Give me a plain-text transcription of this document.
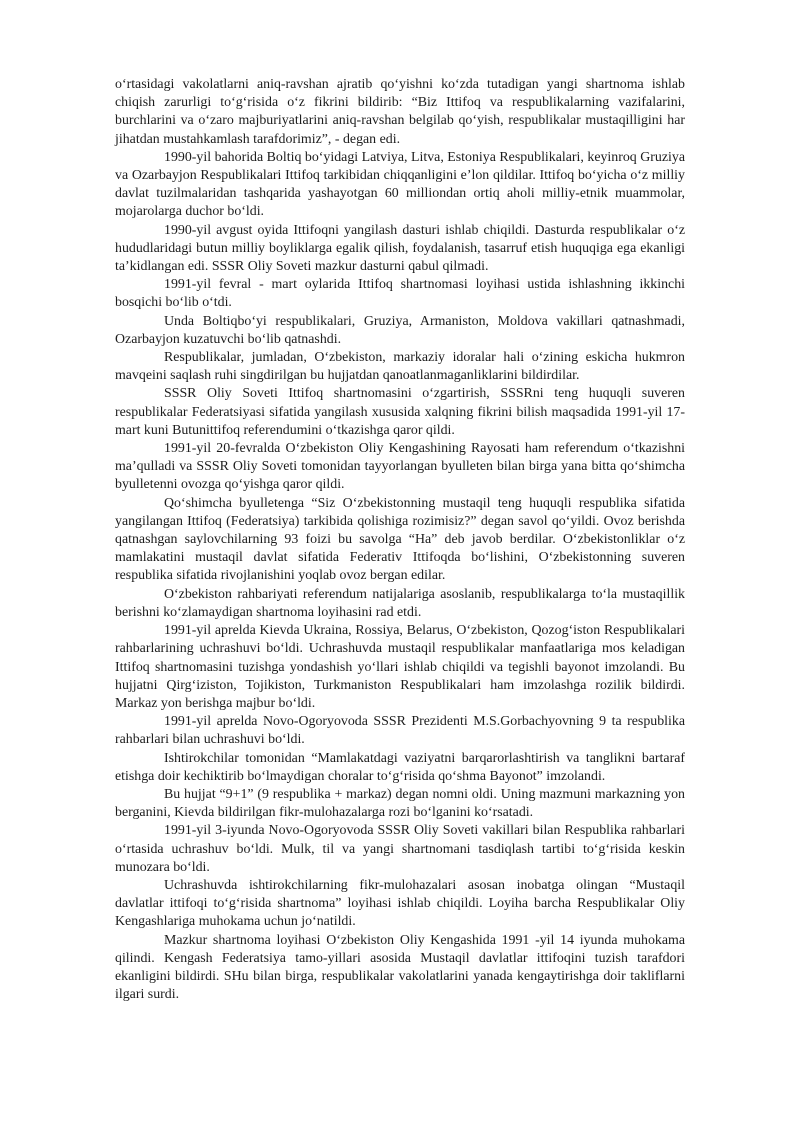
o‘rtasidagi vakolatlarni aniq-ravshan ajratib qo‘yishni ko‘zda tutadigan yangi shartnoma ishlab chiqish zarurligi to‘g‘risida o‘z fikrini bildirib: “Biz Ittifoq va respublikalarning vazifalarini, burchlarini va o‘zaro majburiyatlarini aniq-ravshan belgilab qo‘yish, respublikalar mustaqilligini har jihatdan mustahkamlash tarafdorimiz”, - degan edi.

1990-yil bahorida Boltiq bo‘yidagi Latviya, Litva, Estoniya Respublikalari, keyinroq Gruziya va Ozarbayjon Respublikalari Ittifoq tarkibidan chiqqanligini e’lon qildilar. Ittifoq bo‘yicha o‘z milliy davlat tuzilmalaridan tashqarida yashayotgan 60 milliondan ortiq aholi milliy-etnik muammolar, mojarolarga duchor bo‘ldi.

1990-yil avgust oyida Ittifoqni yangilash dasturi ishlab chiqildi. Dasturda respublikalar o‘z hududlaridagi butun milliy boyliklarga egalik qilish, foydalanish, tasarruf etish huquqiga ega ekanligi ta’kidlangan edi. SSSR Oliy Soveti mazkur dasturni qabul qilmadi.

1991-yil fevral - mart oylarida Ittifoq shartnomasi loyihasi ustida ishlashning ikkinchi bosqichi bo‘lib o‘tdi.

Unda Boltiqbo‘yi respublikalari, Gruziya, Armaniston, Moldova vakillari qatnashmadi, Ozarbayjon kuzatuvchi bo‘lib qatnashdi.

Respublikalar, jumladan, O‘zbekiston, markaziy idoralar hali o‘zining eskicha hukmron mavqeini saqlash ruhi singdirilgan bu hujjatdan qanoatlanmaganliklarini bildirdilar.

SSSR Oliy Soveti Ittifoq shartnomasini o‘zgartirish, SSSRni teng huquqli suveren respublikalar Federatsiyasi sifatida yangilash xususida xalqning fikrini bilish maqsadida 1991-yil 17-mart kuni Butunittifoq referendumini o‘tkazishga qaror qildi.

1991-yil 20-fevralda O‘zbekiston Oliy Kengashining Rayosati ham referendum o‘tkazishni ma’qulladi va SSSR Oliy Soveti tomonidan tayyorlangan byulleten bilan birga yana bitta qo‘shimcha byulletenni ovozga qo‘yishga qaror qildi.

Qo‘shimcha byulletenga “Siz O‘zbekistonning mustaqil teng huquqli respublika sifatida yangilangan Ittifoq (Federatsiya) tarkibida qolishiga rozimisiz?” degan savol qo‘yildi. Ovoz berishda qatnashgan saylovchilarning 93 foizi bu savolga “Ha” deb javob berdilar. O‘zbekistonliklar o‘z mamlakatini mustaqil davlat sifatida Federativ Ittifoqda bo‘lishini, O‘zbekistonning suveren respublika sifatida rivojlanishini yoqlab ovoz bergan edilar.

O‘zbekiston rahbariyati referendum natijalariga asoslanib, respublikalarga to‘la mustaqillik berishni ko‘zlamaydigan shartnoma loyihasini rad etdi.

1991-yil aprelda Kievda Ukraina, Rossiya, Belarus, O‘zbekiston, Qozog‘iston Respublikalari rahbarlarining uchrashuvi bo‘ldi. Uchrashuvda mustaqil respublikalar manfaatlariga mos keladigan Ittifoq shartnomasini tuzishga yondashish yo‘llari ishlab chiqildi va tegishli bayonot imzolandi. Bu hujjatni Qirg‘iziston, Tojikiston, Turkmaniston Respublikalari ham imzolashga rozilik bildirdi. Markaz yon berishga majbur bo‘ldi.

1991-yil aprelda Novo-Ogoryovoda SSSR Prezidenti M.S.Gorbachyovning 9 ta respublika rahbarlari bilan uchrashuvi bo‘ldi.

Ishtirokchilar tomonidan “Mamlakatdagi vaziyatni barqarorlashtirish va tanglikni bartaraf etishga doir kechiktirib bo‘lmaydigan choralar to‘g‘risida qo‘shma Bayonot” imzolandi.

Bu hujjat “9+1” (9 respublika + markaz) degan nomni oldi. Uning mazmuni markazning yon berganini, Kievda bildirilgan fikr-mulohazalarga rozi bo‘lganini ko‘rsatadi.

1991-yil 3-iyunda Novo-Ogoryovoda SSSR Oliy Soveti vakillari bilan Respublika rahbarlari o‘rtasida uchrashuv bo‘ldi. Mulk, til va yangi shartnomani tasdiqlash tartibi to‘g‘risida keskin munozara bo‘ldi.

Uchrashuvda ishtirokchilarning fikr-mulohazalari asosan inobatga olingan “Mustaqil davlatlar ittifoqi to‘g‘risida shartnoma” loyihasi ishlab chiqildi. Loyiha barcha Respublikalar Oliy Kengashlariga muhokama uchun jo‘natildi.

Mazkur shartnoma loyihasi O‘zbekiston Oliy Kengashida 1991 -yil 14 iyunda muhokama qilindi. Kengash Federatsiya tamo-yillari asosida Mustaqil davlatlar ittifoqini tuzish tarafdori ekanligini bildirdi. SHu bilan birga, respublikalar vakolatlarini yanada kengaytirishga doir takliflarni ilgari surdi.
